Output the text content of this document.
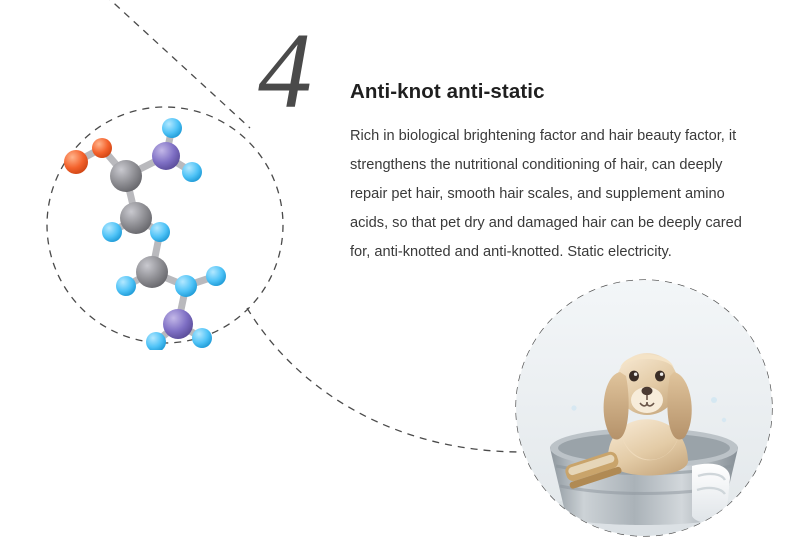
4 Anti-knot anti-static
Rich in biological brightening factor and hair beauty factor, it strengthens the nutritional conditioning of hair, can deeply repair pet hair, smooth hair scales, and supplement amino acids, so that pet dry and damaged hair can be deeply cared for, anti-knotted and anti-knotted. Static electricity.
